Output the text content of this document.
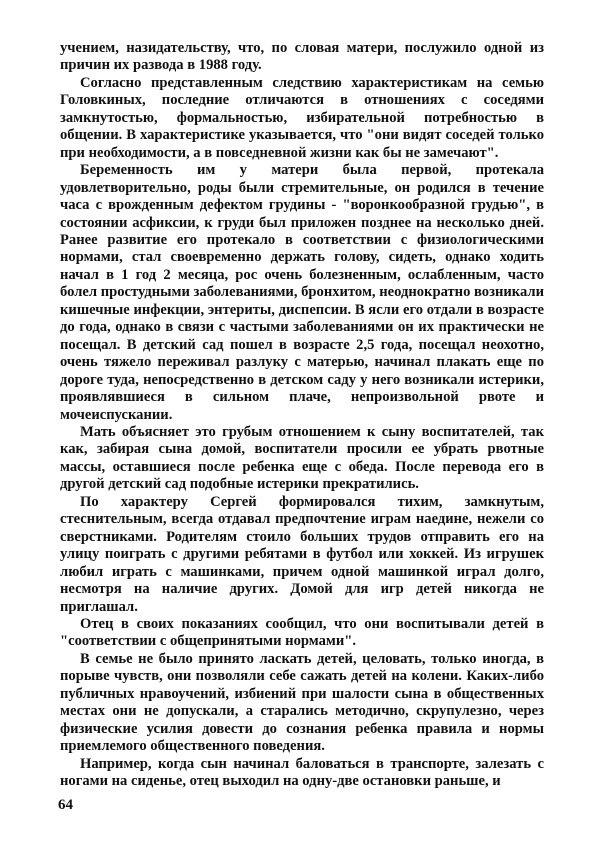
учением, назидательству, что, по словая матери, послужило одной из причин их развода в 1988 году.

Согласно представленным следствию характеристикам на семью Головкиных, последние отличаются в отношениях с соседями замкнутостью, формальностью, избирательной потребностью в общении. В характеристике указывается, что "они видят соседей только при необходимости, а в повседневной жизни как бы не замечают".

Беременность им у матери была первой, протекала удовлетворительно, роды были стремительные, он родился в течение часа с врожденным дефектом грудины - "воронкообразной грудью", в состоянии асфиксии, к груди был приложен позднее на несколько дней. Ранее развитие его протекало в соответствии с физиологическими нормами, стал своевременно держать голову, сидеть, однако ходить начал в 1 год 2 месяца, рос очень болезненным, ослабленным, часто болел простудными заболеваниями, бронхитом, неоднократно возникали кишечные инфекции, энтериты, диспепсии. В ясли его отдали в возрасте до года, однако в связи с частыми заболеваниями он их практически не посещал. В детский сад пошел в возрасте 2,5 года, посещал неохотно, очень тяжело переживал разлуку с матерью, начинал плакать еще по дороге туда, непосредственно в детском саду у него возникали истерики, проявлявшиеся в сильном плаче, непроизвольной рвоте и мочеиспускании.

Мать объясняет это грубым отношением к сыну воспитателей, так как, забирая сына домой, воспитатели просили ее убрать рвотные массы, оставшиеся после ребенка еще с обеда. После перевода его в другой детский сад подобные истерики прекратились.

По характеру Сергей формировался тихим, замкнутым, стеснительным, всегда отдавал предпочтение играм наедине, нежели со сверстниками. Родителям стоило больших трудов отправить его на улицу поиграть с другими ребятами в футбол или хоккей. Из игрушек любил играть с машинками, причем одной машинкой играл долго, несмотря на наличие других. Домой для игр детей никогда не приглашал.

Отец в своих показаниях сообщил, что они воспитывали детей в "соответствии с общепринятыми нормами".

В семье не было принято ласкать детей, целовать, только иногда, в порыве чувств, они позволяли себе сажать детей на колени. Каких-либо публичных нравоучений, избиений при шалости сына в общественных местах они не допускали, а старались методично, скрупулезно, через физические усилия довести до сознания ребенка правила и нормы приемлемого общественного поведения.

Например, когда сын начинал баловаться в транспорте, залезать с ногами на сиденье, отец выходил на одну-две остановки раньше, и

64
